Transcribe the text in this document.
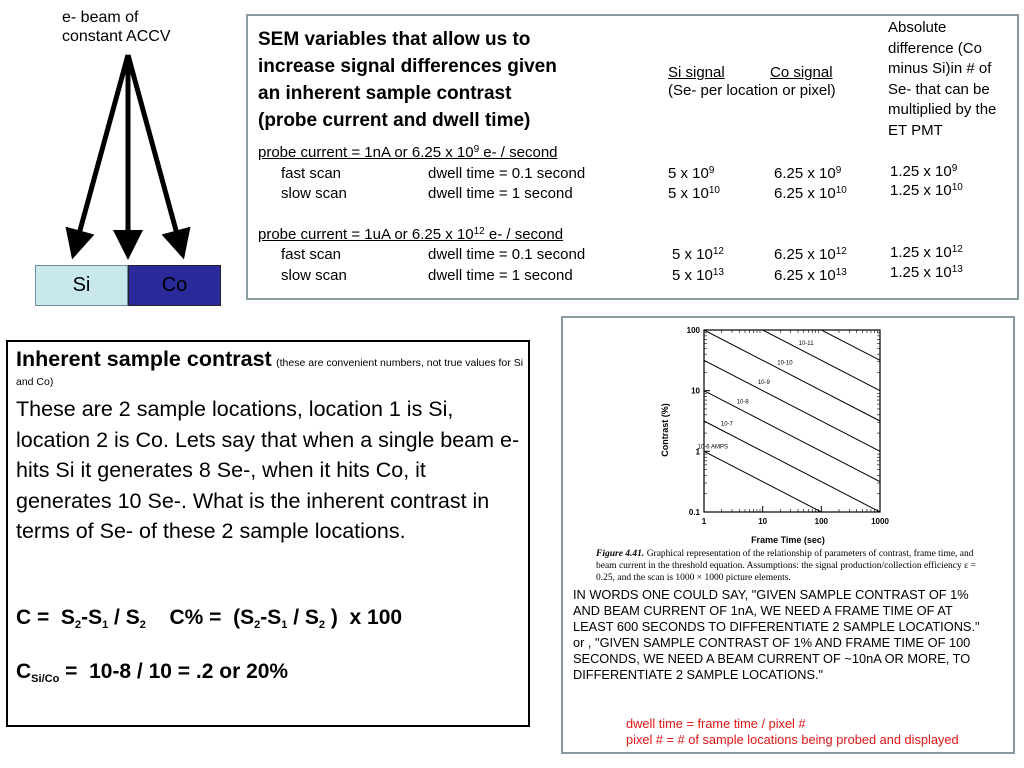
e- beam of
constant ACCV
Si	Co
SEM variables that allow us to
increase signal differences given
an inherent sample contrast
(probe current and dwell time)
Si signal	Co signal
(Se- per location or pixel)
Absolute
difference (Co
minus Si)in # of
Se- that can be
multiplied by the
ET PMT
probe current = 1nA or 6.25 x $10^9$ e- / second
fast scan	dwell time = 0.1 second	5 x $10^9$	6.25 x $10^9$	1.25 x $10^9$
slow scan	dwell time = 1 second	5 x $10^{10}$	6.25 x $10^{10}$	1.25 x $10^{10}$
probe current = 1uA or 6.25 x $10^{12}$ e- / second
fast scan	dwell time = 0.1 second	5 x $10^{12}$	6.25 x $10^{12}$	1.25 x $10^{12}$
slow scan	dwell time = 1 second	5 x $10^{13}$	6.25 x $10^{13}$	1.25 x $10^{13}$
Inherent sample contrast (these are convenient numbers, not true values for Si and Co)
These are 2 sample locations, location 1 is Si, location 2 is Co. Lets say that when a single beam e- hits Si it generates 8 Se-, when it hits Co, it generates 10 Se-. What is the inherent contrast in terms of Se- of these 2 sample locations.
$C = S_2-S_1 / S_2$ $C\% = (S_2-S_1 / S_2$ )  x 100
$C_{Si/Co} = 10-8 / 10 = .2$ or 20%
Contrast (%)
Frame Time (sec)
1	10	100	1000
100
10
1
0.1
10-11
10-10
10-9
10-8
10-7
10-6 AMPS
Figure 4.41. Graphical representation of the relationship of parameters of contrast, frame time, and beam current in the threshold equation. Assumptions: the signal production/collection efficiency ε = 0.25, and the scan is 1000 × 1000 picture elements.
IN WORDS ONE COULD SAY, "GIVEN SAMPLE CONTRAST OF 1% AND BEAM CURRENT OF 1nA, WE NEED A FRAME TIME OF AT LEAST 600 SECONDS TO DIFFERENTIATE 2 SAMPLE LOCATIONS." or , "GIVEN SAMPLE CONTRAST OF 1% AND FRAME TIME OF 100 SECONDS, WE NEED A BEAM CURRENT OF ~10nA OR MORE, TO DIFFERENTIATE 2 SAMPLE LOCATIONS."
dwell time = frame time / pixel #
pixel # = # of sample locations being probed and displayed
